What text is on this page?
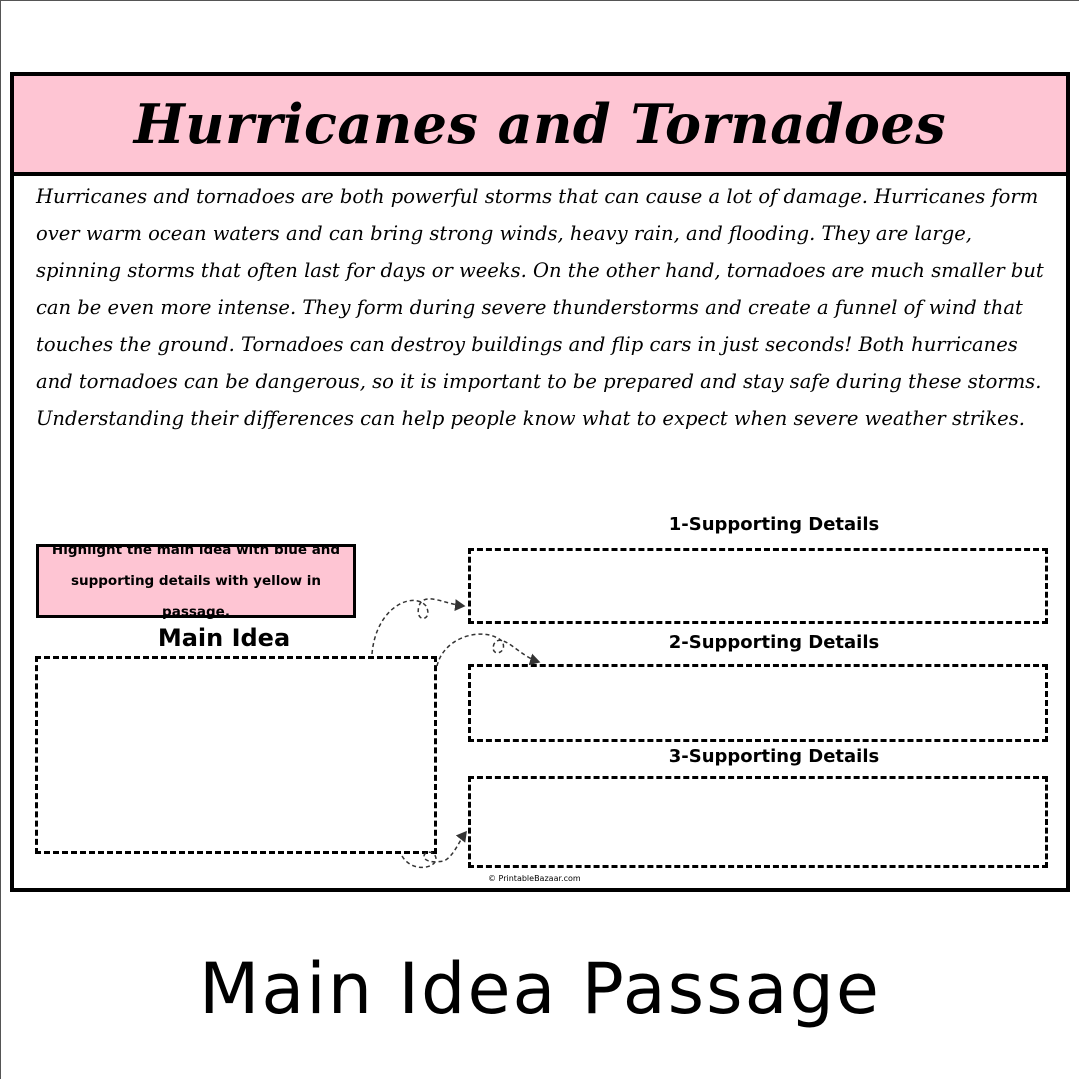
Hurricanes and Tornadoes

Hurricanes and tornadoes are both powerful storms that can cause a lot of damage. Hurricanes form over warm ocean waters and can bring strong winds, heavy rain, and flooding. They are large, spinning storms that often last for days or weeks. On the other hand, tornadoes are much smaller but can be even more intense. They form during severe thunderstorms and create a funnel of wind that touches the ground. Tornadoes can destroy buildings and flip cars in just seconds! Both hurricanes and tornadoes can be dangerous, so it is important to be prepared and stay safe during these storms. Understanding their differences can help people know what to expect when severe weather strikes.

Highlight the main idea with blue and supporting details with yellow in passage.
Main Idea
1-Supporting Details
2-Supporting Details
3-Supporting Details
© PrintableBazaar.com
Main Idea Passage
